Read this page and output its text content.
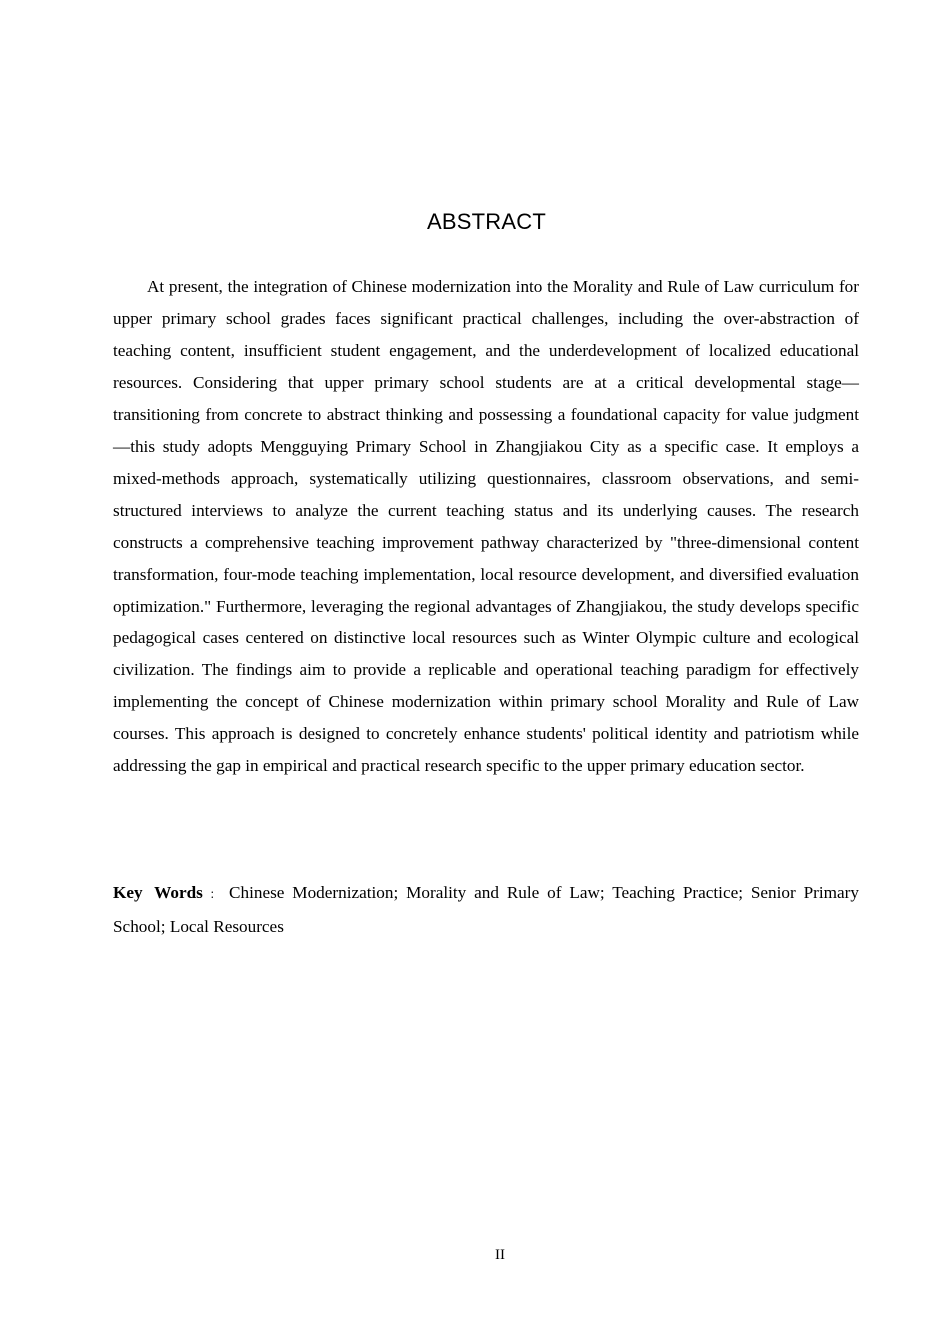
ABSTRACT

At present, the integration of Chinese modernization into the Morality and Rule of Law curriculum for upper primary school grades faces significant practical challenges, including the over-abstraction of teaching content, insufficient student engagement, and the underdevelopment of localized educational resources. Considering that upper primary school students are at a critical developmental stage—transitioning from concrete to abstract thinking and possessing a foundational capacity for value judgment—this study adopts Mengguying Primary School in Zhangjiakou City as a specific case. It employs a mixed-methods approach, systematically utilizing questionnaires, classroom observations, and semi-structured interviews to analyze the current teaching status and its underlying causes. The research constructs a comprehensive teaching improvement pathway characterized by "three-dimensional content transformation, four-mode teaching implementation, local resource development, and diversified evaluation optimization." Furthermore, leveraging the regional advantages of Zhangjiakou, the study develops specific pedagogical cases centered on distinctive local resources such as Winter Olympic culture and ecological civilization. The findings aim to provide a replicable and operational teaching paradigm for effectively implementing the concept of Chinese modernization within primary school Morality and Rule of Law courses. This approach is designed to concretely enhance students' political identity and patriotism while addressing the gap in empirical and practical research specific to the upper primary education sector.

Key Words ： Chinese Modernization; Morality and Rule of Law; Teaching Practice; Senior Primary School; Local Resources

II
